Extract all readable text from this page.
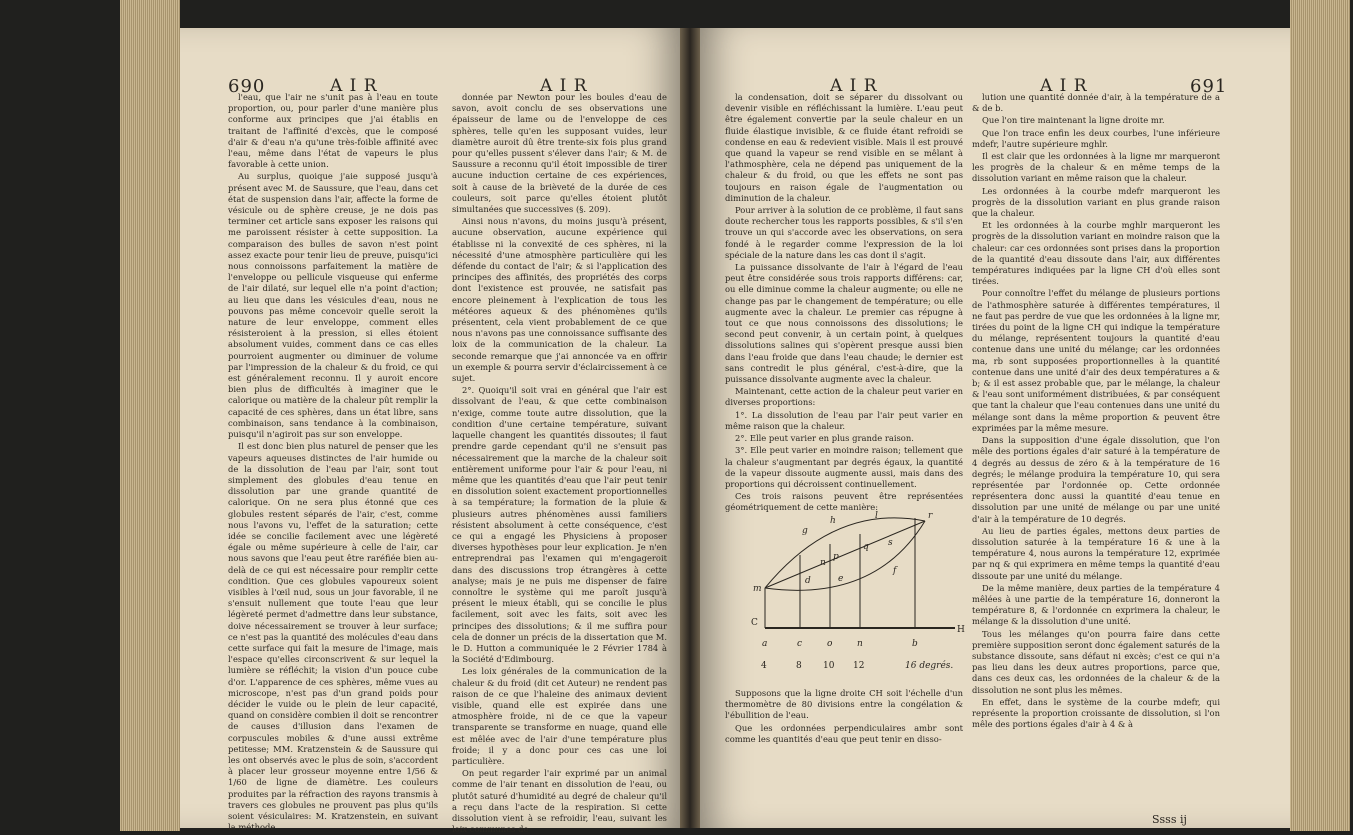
690	A I R	A I R

l'eau, que l'air ne s'unit pas à l'eau en toute proportion, ou, pour parler d'une manière plus conforme aux principes que j'ai établis en traitant de l'affinité d'excès, que le composé d'air & d'eau n'a qu'une très-foible affinité avec l'eau, même dans l'état de vapeurs le plus favorable à cette union.

Au surplus, quoique j'aie supposé jusqu'à présent avec M. de Saussure, que l'eau, dans cet état de suspension dans l'air, affecte la forme de vésicule ou de sphère creuse, je ne dois pas terminer cet article sans exposer les raisons qui me paroissent résister à cette supposition. La comparaison des bulles de savon n'est point assez exacte pour tenir lieu de preuve, puisqu'ici nous connoissons parfaitement la matière de l'enveloppe ou pellicule visqueuse qui enferme de l'air dilaté, sur lequel elle n'a point d'action; au lieu que dans les vésicules d'eau, nous ne pouvons pas même concevoir quelle seroit la nature de leur enveloppe, comment elles résisteroient à la pression, si elles étoient absolument vuides, comment dans ce cas elles pourroient augmenter ou diminuer de volume par l'impression de la chaleur & du froid, ce qui est généralement reconnu. Il y auroit encore bien plus de difficultés à imaginer que le calorique ou matière de la chaleur pût remplir la capacité de ces sphères, dans un état libre, sans combinaison, sans tendance à la combinaison, puisqu'il n'agiroit pas sur son enveloppe.

Il est donc bien plus naturel de penser que les vapeurs aqueuses distinctes de l'air humide ou de la dissolution de l'eau par l'air, sont tout simplement des globules d'eau tenue en dissolution par une grande quantité de calorique. On ne sera plus étonné que ces globules restent séparés de l'air, c'est, comme nous l'avons vu, l'effet de la saturation; cette idée se concilie facilement avec une légèreté égale ou même supérieure à celle de l'air, car nous savons que l'eau peut être raréfiée bien au-delà de ce qui est nécessaire pour remplir cette condition. Que ces globules vapoureux soient visibles à l'œil nud, sous un jour favorable, il ne s'ensuit nullement que toute l'eau que leur légèreté permet d'admettre dans leur substance, doive nécessairement se trouver à leur surface; ce n'est pas la quantité des molécules d'eau dans cette surface qui fait la mesure de l'image, mais l'espace qu'elles circonscrivent & sur lequel la lumière se réfléchit; la vision d'un pouce cube d'or. L'apparence de ces sphères, même vues au microscope, n'est pas d'un grand poids pour décider le vuide ou le plein de leur capacité, quand on considère combien il doit se rencontrer de causes d'illusion dans l'examen de corpuscules mobiles & d'une aussi extrême petitesse; MM. Kratzenstein & de Saussure qui les ont observés avec le plus de soin, s'accordent à placer leur grosseur moyenne entre 1/56 & 1/60 de ligne de diamètre. Les couleurs produites par la réfraction des rayons transmis à travers ces globules ne prouvent pas plus qu'ils soient vésiculaires: M. Kratzenstein, en suivant la méthode

donnée par Newton pour les boules d'eau de savon, avoit conclu de ses observations une épaisseur de lame ou de l'enveloppe de ces sphères, telle qu'en les supposant vuides, leur diamètre auroit dû être trente-six fois plus grand pour qu'elles pussent s'élever dans l'air; & M. de Saussure a reconnu qu'il étoit impossible de tirer aucune induction certaine de ces expériences, soit à cause de la brièveté de la durée de ces couleurs, soit parce qu'elles étoient plutôt simultanées que successives (§. 209).

Ainsi nous n'avons, du moins jusqu'à présent, aucune observation, aucune expérience qui établisse ni la convexité de ces sphères, ni la nécessité d'une atmosphère particulière qui les défende du contact de l'air; & si l'application des principes des affinités, des propriétés des corps dont l'existence est prouvée, ne satisfait pas encore pleinement à l'explication de tous les météores aqueux & des phénomènes qu'ils présentent, cela vient probablement de ce que nous n'avons pas une connoissance suffisante des loix de la communication de la chaleur. La seconde remarque que j'ai annoncée va en offrir un exemple & pourra servir d'éclaircissement à ce sujet.

2°. Quoiqu'il soit vrai en général que l'air est dissolvant de l'eau, & que cette combinaison n'exige, comme toute autre dissolution, que la condition d'une certaine température, suivant laquelle changent les quantités dissoutes; il faut prendre garde cependant qu'il ne s'ensuit pas nécessairement que la marche de la chaleur soit entièrement uniforme pour l'air & pour l'eau, ni même que les quantités d'eau que l'air peut tenir en dissolution soient exactement proportionnelles à sa température; la formation de la pluie & plusieurs autres phénomènes aussi familiers résistent absolument à cette conséquence, c'est ce qui a engagé les Physiciens à proposer diverses hypothèses pour leur explication. Je n'en entreprendrai pas l'examen qui m'engageroit dans des discussions trop étrangères à cette analyse; mais je ne puis me dispenser de faire connoître le système qui me paroît jusqu'à présent le mieux établi, qui se concilie le plus facilement, soit avec les faits, soit avec les principes des dissolutions; & il me suffira pour cela de donner un précis de la dissertation que M. le D. Hutton a communiquée le 2 Février 1784 à la Société d'Edimbourg.

Les loix générales de la communication de la chaleur & du froid (dit cet Auteur) ne rendent pas raison de ce que l'haleine des animaux devient visible, quand elle est expirée dans une atmosphère froide, ni de ce que la vapeur transparente se transforme en nuage, quand elle est mêlée avec de l'air d'une température plus froide; il y a donc pour ces cas une loi particulière.

On peut regarder l'air exprimé par un animal comme de l'air tenant en dissolution de l'eau, ou plutôt saturé d'humidité au degré de chaleur qu'il a reçu dans l'acte de la respiration. Si cette dissolution vient à se refroidir, l'eau, suivant les loix communes de

A I R	A I R	691

la condensation, doit se séparer du dissolvant ou devenir visible en réfléchissant la lumière. L'eau peut être également convertie par la seule chaleur en un fluide élastique invisible, & ce fluide étant refroidi se condense en eau & redevient visible. Mais il est prouvé que quand la vapeur se rend visible en se mêlant à l'athmosphère, cela ne dépend pas uniquement de la chaleur & du froid, ou que les effets ne sont pas toujours en raison égale de l'augmentation ou diminution de la chaleur.

Pour arriver à la solution de ce problème, il faut sans doute rechercher tous les rapports possibles, & s'il s'en trouve un qui s'accorde avec les observations, on sera fondé à le regarder comme l'expression de la loi spéciale de la nature dans les cas dont il s'agit.

La puissance dissolvante de l'air à l'égard de l'eau peut être considérée sous trois rapports différens: car, ou elle diminue comme la chaleur augmente; ou elle ne change pas par le changement de température; ou elle augmente avec la chaleur. Le premier cas répugne à tout ce que nous connoissons des dissolutions; le second peut convenir, à un certain point, à quelques dissolutions salines qui s'opèrent presque aussi bien dans l'eau froide que dans l'eau chaude; le dernier est sans contredit le plus général, c'est-à-dire, que la puissance dissolvante augmente avec la chaleur.

Maintenant, cette action de la chaleur peut varier en diverses proportions:

1°. La dissolution de l'eau par l'air peut varier en même raison que la chaleur.

2°. Elle peut varier en plus grande raison.

3°. Elle peut varier en moindre raison; tellement que la chaleur s'augmentant par degrés égaux, la quantité de la vapeur dissoute augmente aussi, mais dans des proportions qui décroissent continuellement.

Ces trois raisons peuvent être représentées géométriquement de cette manière:

g
h	l	r
m
n
p
q s
d	e
f
C
H
a	c	o	n	b
4	8 10 12	16 degrés.

Supposons que la ligne droite CH soit l'échelle d'un thermomètre de 80 divisions entre la congélation & l'ébullition de l'eau.

Que les ordonnées perpendiculaires ambr sont comme les quantités d'eau que peut tenir en disso-

lution une quantité donnée d'air, à la température de a & de b.

Que l'on tire maintenant la ligne droite mr.

Que l'on trace enfin les deux courbes, l'une inférieure mdefr, l'autre supérieure mghlr.

Il est clair que les ordonnées à la ligne mr marqueront les progrès de la chaleur & en même temps de la dissolution variant en même raison que la chaleur.

Les ordonnées à la courbe mdefr marqueront les progrès de la dissolution variant en plus grande raison que la chaleur.

Et les ordonnées à la courbe mghlr marqueront les progrès de la dissolution variant en moindre raison que la chaleur: car ces ordonnées sont prises dans la proportion de la quantité d'eau dissoute dans l'air, aux différentes températures indiquées par la ligne CH d'où elles sont tirées.

Pour connoître l'effet du mélange de plusieurs portions de l'athmosphère saturée à différentes températures, il ne faut pas perdre de vue que les ordonnées à la ligne mr, tirées du point de la ligne CH qui indique la température du mélange, représentent toujours la quantité d'eau contenue dans une unité du mélange; car les ordonnées ma, rb sont supposées proportionnelles à la quantité contenue dans une unité d'air des deux températures a & b; & il est assez probable que, par le mélange, la chaleur & l'eau sont uniformément distribuées, & par conséquent que tant la chaleur que l'eau contenues dans une unité du mélange sont dans la même proportion & peuvent être exprimées par la même mesure.

Dans la supposition d'une égale dissolution, que l'on mêle des portions égales d'air saturé à la température de 4 degrés au dessus de zéro & à la température de 16 degrés; le mélange produira la température 10, qui sera représentée par l'ordonnée op. Cette ordonnée représentera donc aussi la quantité d'eau tenue en dissolution par une unité de mélange ou par une unité d'air à la température de 10 degrés.

Au lieu de parties égales, mettons deux parties de dissolution saturée à la température 16 & une à la température 4, nous aurons la température 12, exprimée par nq & qui exprimera en même temps la quantité d'eau dissoute par une unité du mélange.

De la même manière, deux parties de la température 4 mêlées à une partie de la température 16, donneront la température 8, & l'ordonnée cn exprimera la chaleur, le mélange & la dissolution d'une unité.

Tous les mélanges qu'on pourra faire dans cette première supposition seront donc également saturés de la substance dissoute, sans défaut ni excès; c'est ce qui n'a pas lieu dans les deux autres proportions, parce que, dans ces deux cas, les ordonnées de la chaleur & de la dissolution ne sont plus les mêmes.

En effet, dans le système de la courbe mdefr, qui représente la proportion croissante de dissolution, si l'on mêle des portions égales d'air à 4 & à

Ssss ij
